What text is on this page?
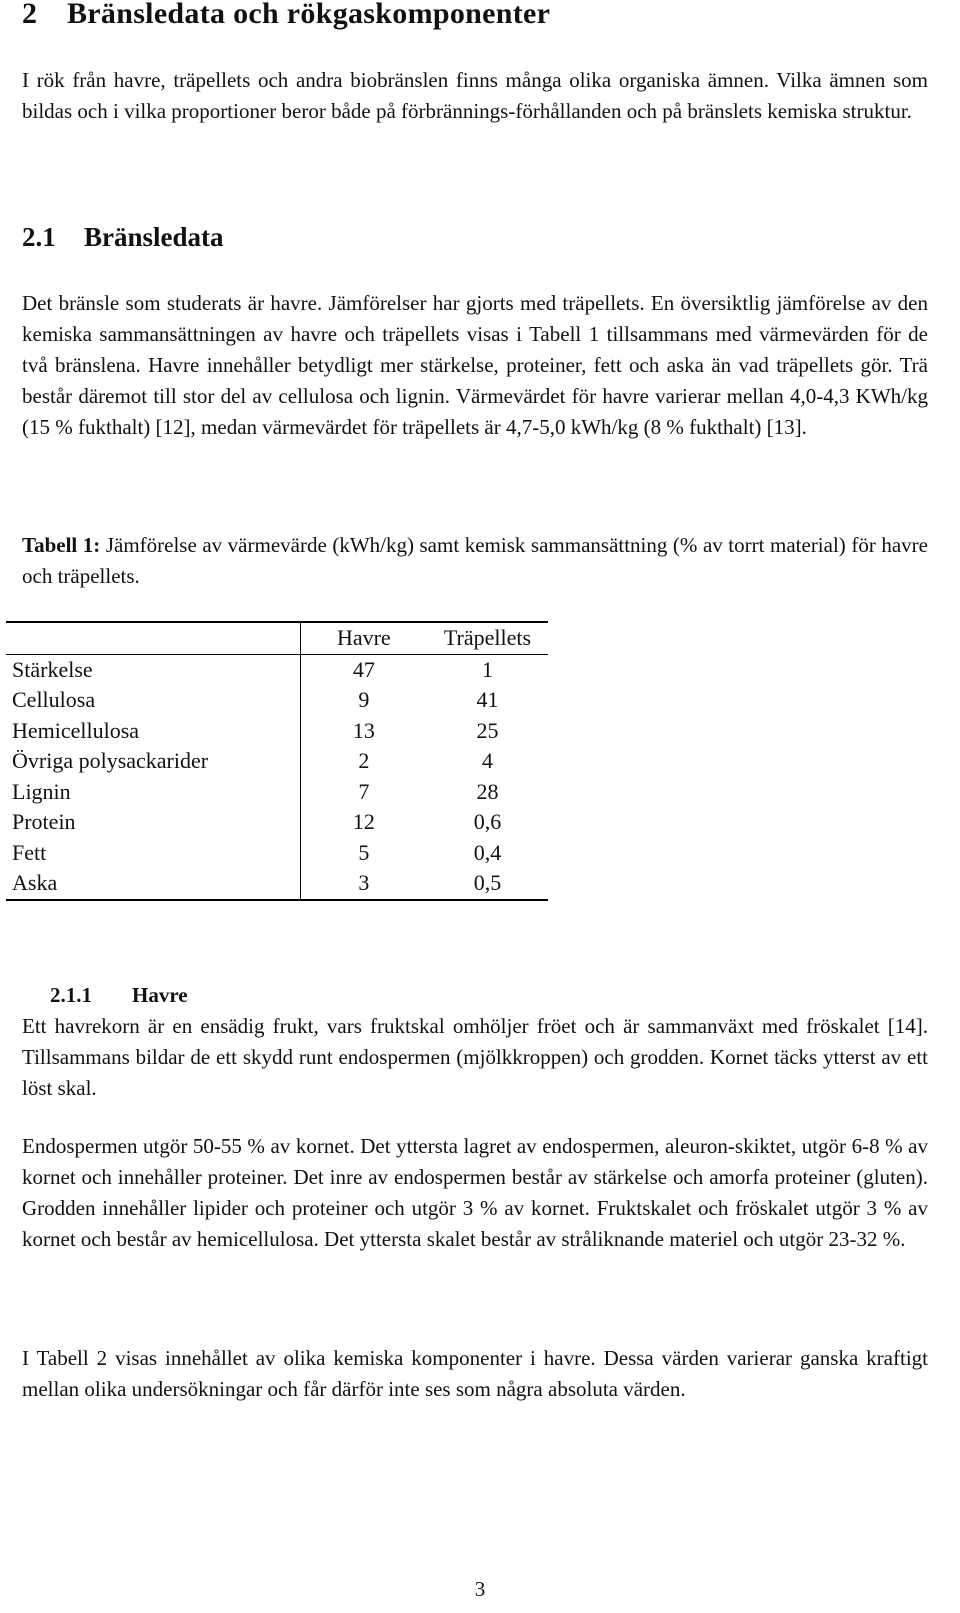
2 Bränsledata och rökgaskomponenter

I rök från havre, träpellets och andra biobränslen finns många olika organiska ämnen. Vilka ämnen som bildas och i vilka proportioner beror både på förbrännings-förhållanden och på bränslets kemiska struktur.

2.1 Bränsledata

Det bränsle som studerats är havre. Jämförelser har gjorts med träpellets. En översiktlig jämförelse av den kemiska sammansättningen av havre och träpellets visas i Tabell 1 tillsammans med värmevärden för de två bränslena. Havre innehåller betydligt mer stärkelse, proteiner, fett och aska än vad träpellets gör. Trä består däremot till stor del av cellulosa och lignin. Värmevärdet för havre varierar mellan 4,0-4,3 KWh/kg (15 % fukthalt) [12], medan värmevärdet för träpellets är 4,7-5,0 kWh/kg (8 % fukthalt) [13].

Tabell 1: Jämförelse av värmevärde (kWh/kg) samt kemisk sammansättning (% av torrt material) för havre och träpellets.

	Havre	Träpellets
Stärkelse	47	1
Cellulosa	9	41
Hemicellulosa	13	25
Övriga polysackarider	2	4
Lignin	7	28
Protein	12	0,6
Fett	5	0,4
Aska	3	0,5
2.1.1 Havre

Ett havrekorn är en ensädig frukt, vars fruktskal omhöljer fröet och är sammanväxt med fröskalet [14]. Tillsammans bildar de ett skydd runt endospermen (mjölkkroppen) och grodden. Kornet täcks ytterst av ett löst skal.

Endospermen utgör 50-55 % av kornet. Det yttersta lagret av endospermen, aleuron-skiktet, utgör 6-8 % av kornet och innehåller proteiner. Det inre av endospermen består av stärkelse och amorfa proteiner (gluten). Grodden innehåller lipider och proteiner och utgör 3 % av kornet. Fruktskalet och fröskalet utgör 3 % av kornet och består av hemicellulosa. Det yttersta skalet består av stråliknande materiel och utgör 23-32 %.

I Tabell 2 visas innehållet av olika kemiska komponenter i havre. Dessa värden varierar ganska kraftigt mellan olika undersökningar och får därför inte ses som några absoluta värden.

3
